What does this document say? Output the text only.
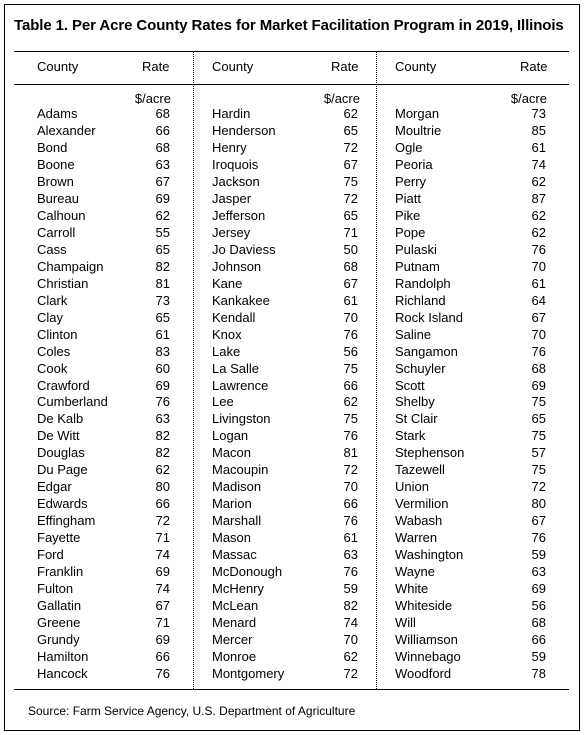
Table 1. Per Acre County Rates for Market Facilitation Program in 2019, Illinois
County	Rate
$/acre
County	Rate
$/acre
County	Rate
$/acre
Adams	68
Alexander	66
Bond	68
Boone	63
Brown	67
Bureau	69
Calhoun	62
Carroll	55
Cass	65
Champaign	82
Christian	81
Clark	73
Clay	65
Clinton	61
Coles	83
Cook	60
Crawford	69
Cumberland	76
De Kalb	63
De Witt	82
Douglas	82
Du Page	62
Edgar	80
Edwards	66
Effingham	72
Fayette	71
Ford	74
Franklin	69
Fulton	74
Gallatin	67
Greene	71
Grundy	69
Hamilton	66
Hancock	76
Hardin	62
Henderson	65
Henry	72
Iroquois	67
Jackson	75
Jasper	72
Jefferson	65
Jersey	71
Jo Daviess	50
Johnson	68
Kane	67
Kankakee	61
Kendall	70
Knox	76
Lake	56
La Salle	75
Lawrence	66
Lee	62
Livingston	75
Logan	76
Macon	81
Macoupin	72
Madison	70
Marion	66
Marshall	76
Mason	61
Massac	63
McDonough	76
McHenry	59
McLean	82
Menard	74
Mercer	70
Monroe	62
Montgomery	72
Morgan	73
Moultrie	85
Ogle	61
Peoria	74
Perry	62
Piatt	87
Pike	62
Pope	62
Pulaski	76
Putnam	70
Randolph	61
Richland	64
Rock Island	67
Saline	70
Sangamon	76
Schuyler	68
Scott	69
Shelby	75
St Clair	65
Stark	75
Stephenson	57
Tazewell	75
Union	72
Vermilion	80
Wabash	67
Warren	76
Washington	59
Wayne	63
White	69
Whiteside	56
Will	68
Williamson	66
Winnebago	59
Woodford	78
Source: Farm Service Agency, U.S. Department of Agriculture
